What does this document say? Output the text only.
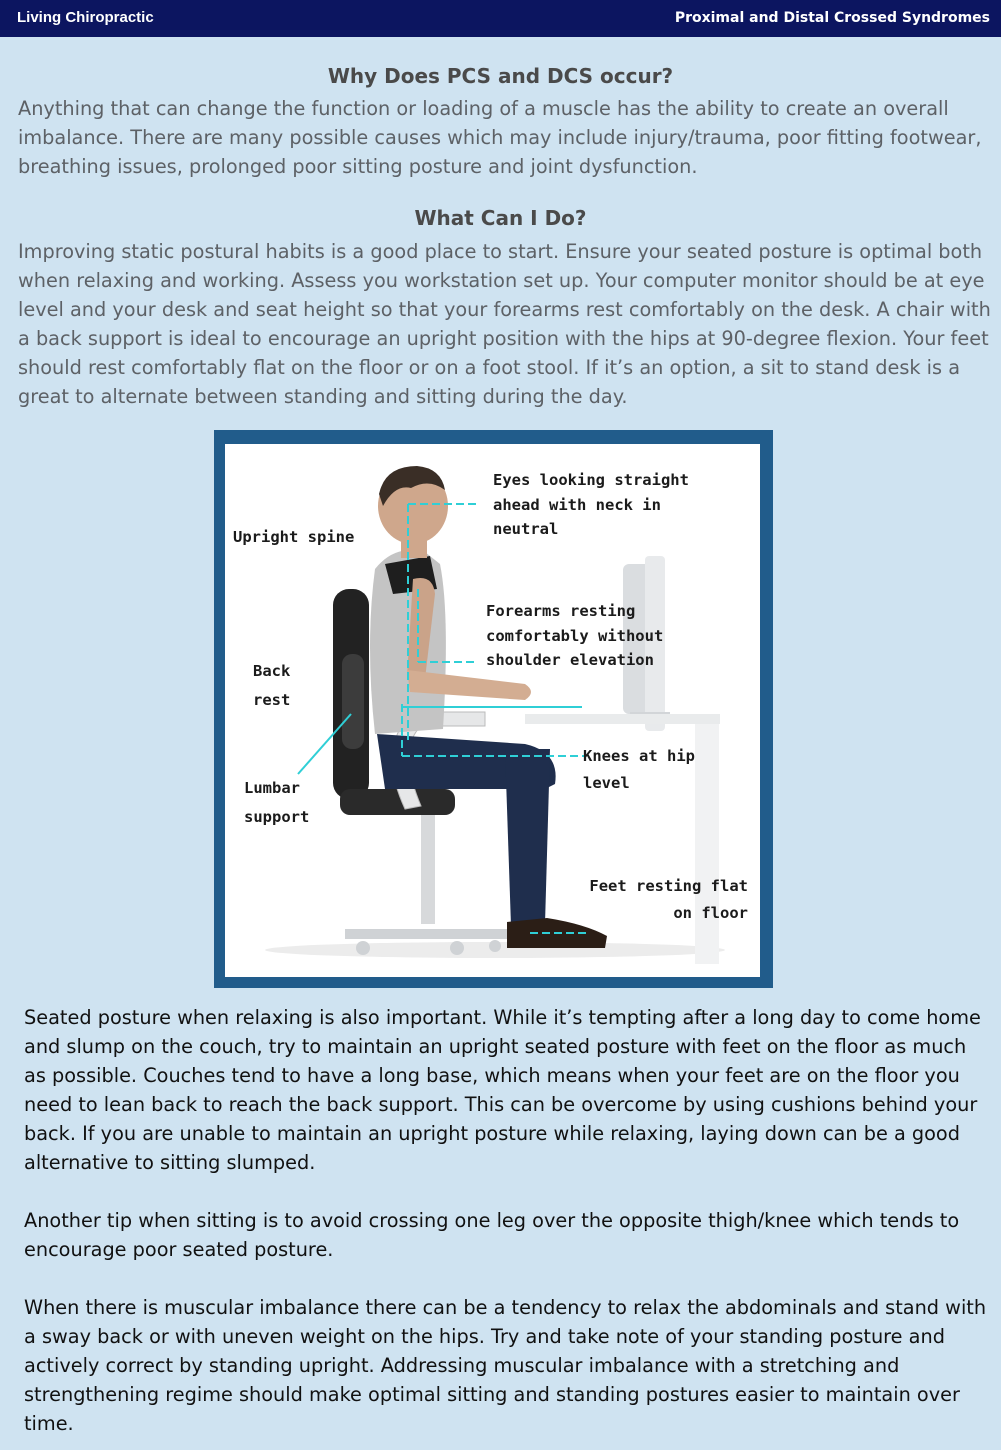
Living Chiropractic	Proximal and Distal Crossed Syndromes
Why Does PCS and DCS occur?

Anything that can change the function or loading of a muscle has the ability to create an overall imbalance. There are many possible causes which may include injury/trauma, poor fitting footwear, breathing issues, prolonged poor sitting posture and joint dysfunction.

What Can I Do?

Improving static postural habits is a good place to start. Ensure your seated posture is optimal both when relaxing and working. Assess you workstation set up. Your computer monitor should be at eye level and your desk and seat height so that your forearms rest comfortably on the desk. A chair with a back support is ideal to encourage an upright position with the hips at 90-degree flexion. Your feet should rest comfortably flat on the floor or on a foot stool. If it’s an option, a sit to stand desk is a great to alternate between standing and sitting during the day.

Eyes looking straight ahead with neck in neutral

Upright spine

Forearms resting comfortably without shoulder elevation

Back rest

Knees at hip level

Lumbar support

Feet resting flat on floor

Seated posture when relaxing is also important. While it’s tempting after a long day to come home and slump on the couch, try to maintain an upright seated posture with feet on the floor as much as possible. Couches tend to have a long base, which means when your feet are on the floor you need to lean back to reach the back support. This can be overcome by using cushions behind your back. If you are unable to maintain an upright posture while relaxing, laying down can be a good alternative to sitting slumped.

Another tip when sitting is to avoid crossing one leg over the opposite thigh/knee which tends to encourage poor seated posture.

When there is muscular imbalance there can be a tendency to relax the abdominals and stand with a sway back or with uneven weight on the hips. Try and take note of your standing posture and actively correct by standing upright. Addressing muscular imbalance with a stretching and strengthening regime should make optimal sitting and standing postures easier to maintain over time.
